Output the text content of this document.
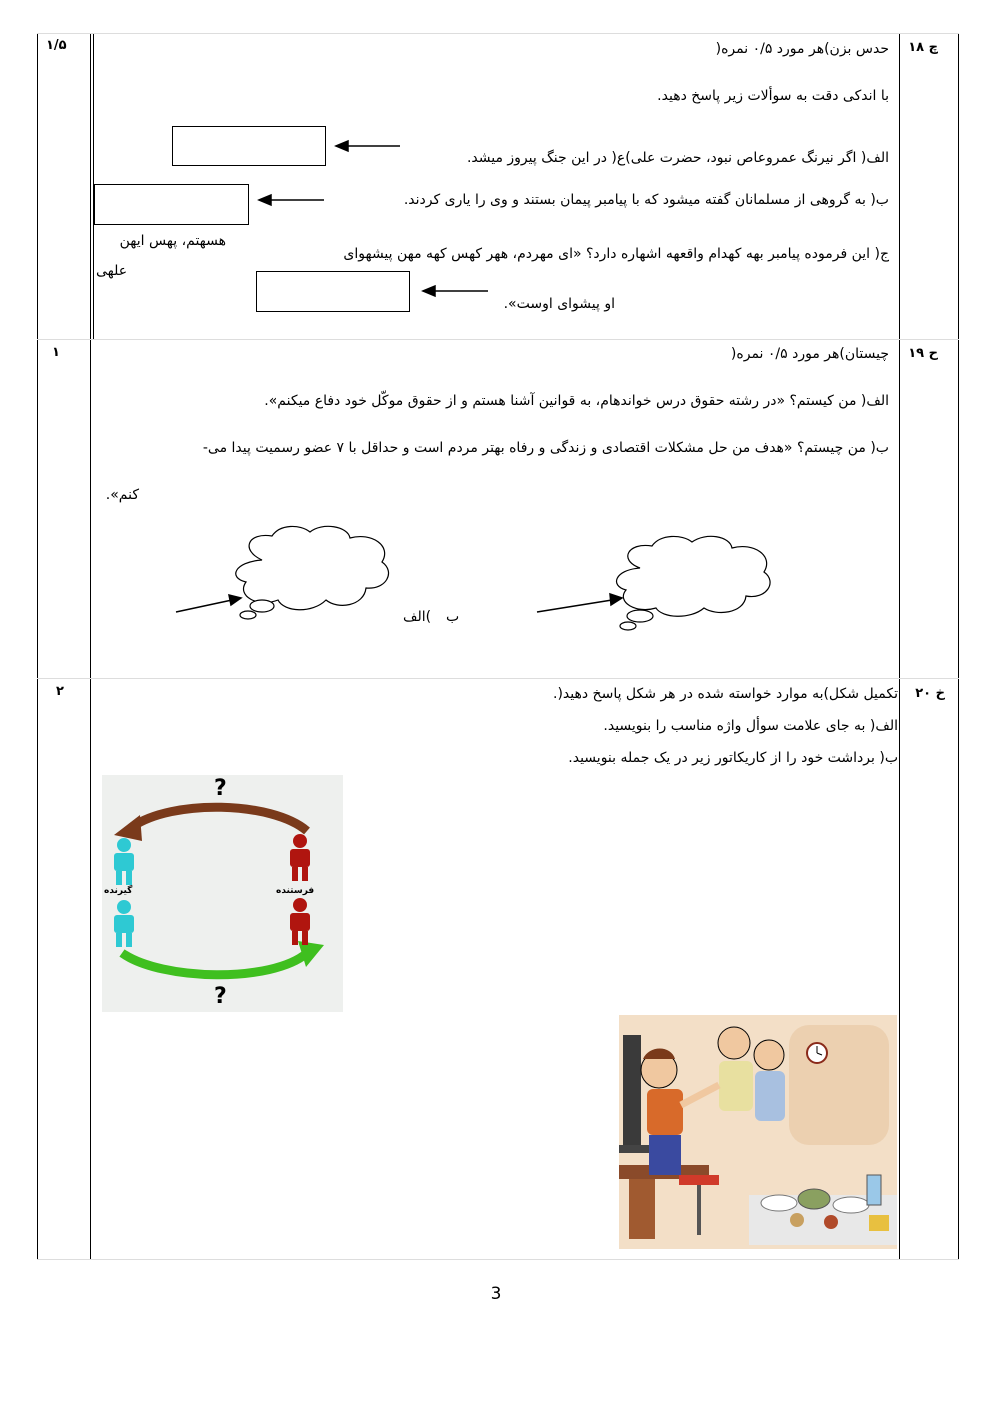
چ ۱۸
۱/۵	حدس بزن)هر مورد ۰/۵ نمره(
با اندکی دقت به سوألات زیر پاسخ دهید.
الف( اگر نیرنگ عمروعاص نبود، حضرت علی)ع( در این جنگ پیروز میشد.
ب( به گروهی از مسلمانان گفته میشود که با پیامبر پیمان بستند و وی را یاری کردند.
ج( این فرموده پیامبر بهه کهدام واقعهه اشهاره دارد؟ «ای مهردم، ههر کهس کهه مهن پیشهوای
او پیشوای اوست».
هسهتم، پهس ایهن
علهی
ح ۱۹
۱	چیستان)هر مورد ۰/۵ نمره(
الف( من کیستم؟ «در رشته حقوق درس خواندهام، به قوانین آشنا هستم و از حقوق موکّل خود دفاع میکنم».
ب( من چیستم؟ «هدف من حل مشکلات اقتصادی و زندگی و رفاه بهتر مردم است و حداقل با ۷ عضو رسمیت پیدا می-
کنم».
ب
)الف
خ ۲۰
۲	تکمیل شکل)به موارد خواسته شده در هر شکل پاسخ دهید(.
الف( به جای علامت سوأل واژه مناسب را بنویسید.
ب( برداشت خود را از کاریکاتور زیر در یک جمله بنویسید.
?
?
گیرنده	فرستنده
3
